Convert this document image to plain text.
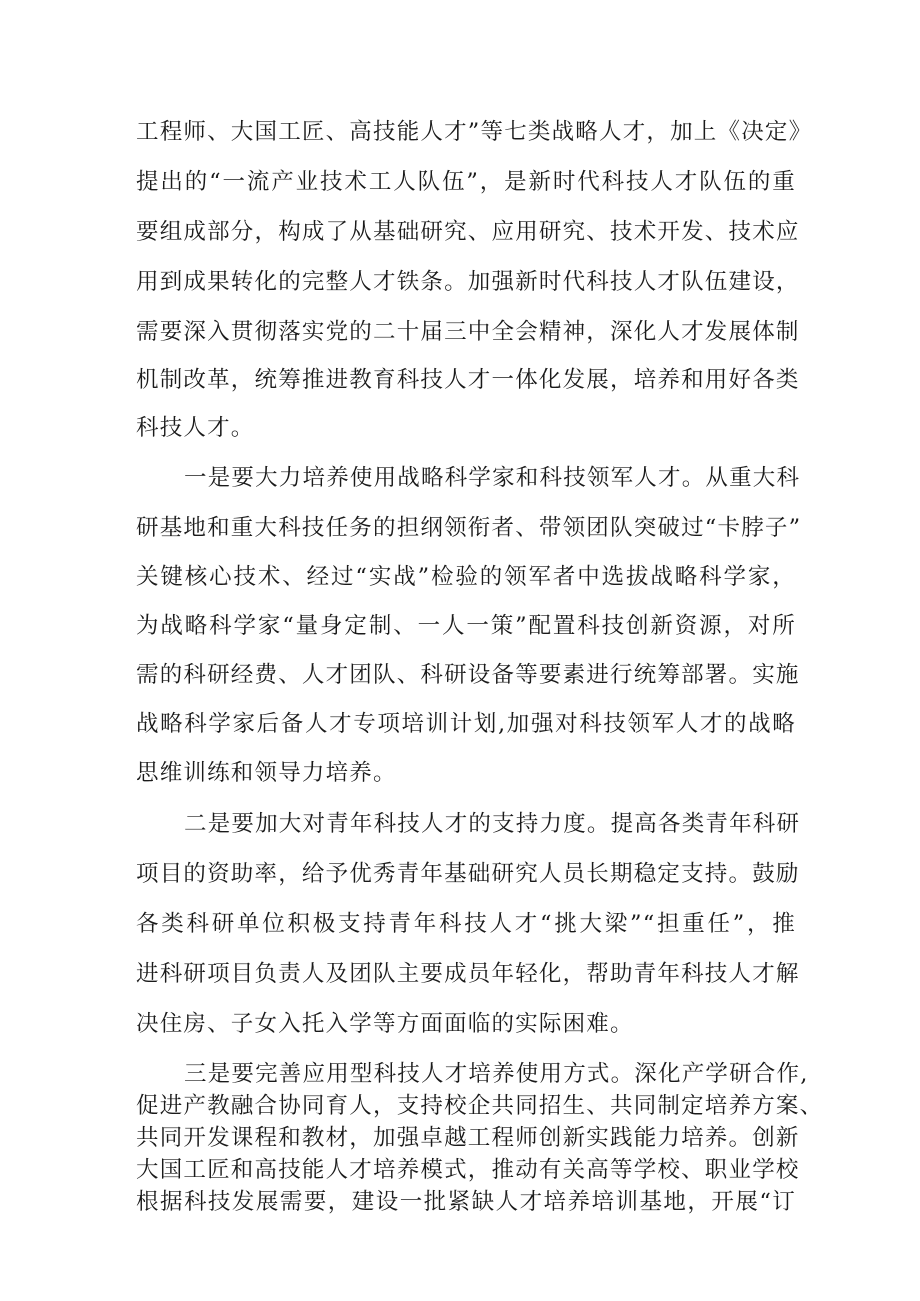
工程师、大国工匠、高技能人才”等七类战略人才，加上《决定》
提出的“一流产业技术工人队伍”，是新时代科技人才队伍的重
要组成部分，构成了从基础研究、应用研究、技术开发、技术应
用到成果转化的完整人才铁条。加强新时代科技人才队伍建设，
需要深入贯彻落实党的二十届三中全会精神，深化人才发展体制
机制改革，统筹推进教育科技人才一体化发展，培养和用好各类
科技人才。
一是要大力培养使用战略科学家和科技领军人才。从重大科
研基地和重大科技任务的担纲领衔者、带领团队突破过“卡脖子”
关键核心技术、经过“实战”检验的领军者中选拔战略科学家，
为战略科学家“量身定制、一人一策”配置科技创新资源，对所
需的科研经费、人才团队、科研设备等要素进行统筹部署。实施
战略科学家后备人才专项培训计划,加强对科技领军人才的战略
思维训练和领导力培养。
二是要加大对青年科技人才的支持力度。提高各类青年科研
项目的资助率，给予优秀青年基础研究人员长期稳定支持。鼓励
各类科研单位积极支持青年科技人才“挑大梁”“担重任”，推
进科研项目负责人及团队主要成员年轻化，帮助青年科技人才解
决住房、子女入托入学等方面面临的实际困难。
三是要完善应用型科技人才培养使用方式。深化产学研合作,
促进产教融合协同育人，支持校企共同招生、共同制定培养方案、
共同开发课程和教材，加强卓越工程师创新实践能力培养。创新
大国工匠和高技能人才培养模式，推动有关高等学校、职业学校
根据科技发展需要，建设一批紧缺人才培养培训基地，开展“订
